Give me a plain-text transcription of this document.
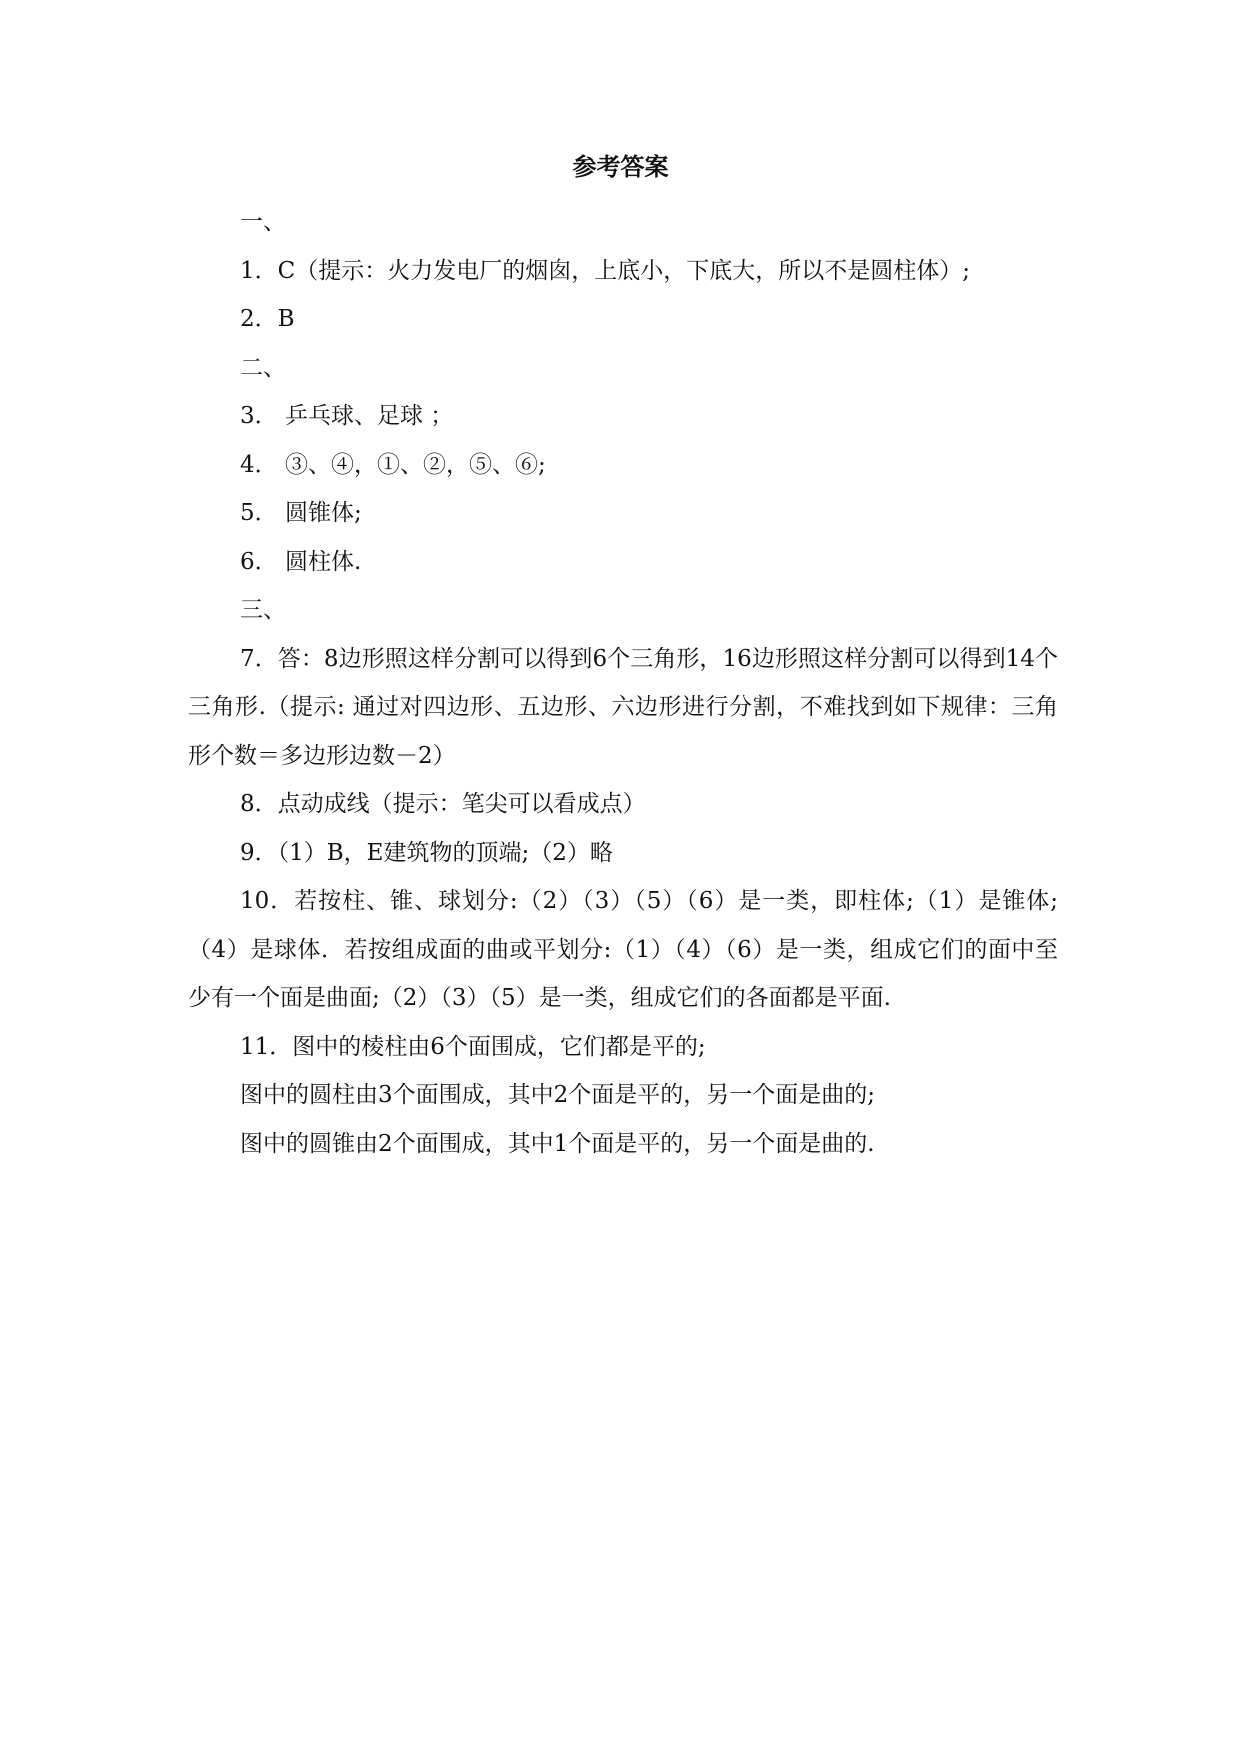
参考答案

一、

1．C（提示：火力发电厂的烟囱，上底小，下底大，所以不是圆柱体）;

2．B

二、

3． 乒乓球、足球 ；

4． ③、④，①、②，⑤、⑥;

5． 圆锥体;

6． 圆柱体.

三、

7．答：8边形照这样分割可以得到6个三角形，16边形照这样分割可以得到14个三角形.（提示: 通过对四边形、五边形、六边形进行分割，不难找到如下规律：三角形个数＝多边形边数－2）

8．点动成线（提示：笔尖可以看成点）

9．（1）B，E建筑物的顶端;（2）略

10．若按柱、锥、球划分:（2）（3）（5）（6）是一类，即柱体;（1）是锥体;（4）是球体．若按组成面的曲或平划分:（1）（4）（6）是一类，组成它们的面中至少有一个面是曲面;（2）（3）（5）是一类，组成它们的各面都是平面.

11．图中的棱柱由6个面围成，它们都是平的;

图中的圆柱由3个面围成，其中2个面是平的，另一个面是曲的;

图中的圆锥由2个面围成，其中1个面是平的，另一个面是曲的.
